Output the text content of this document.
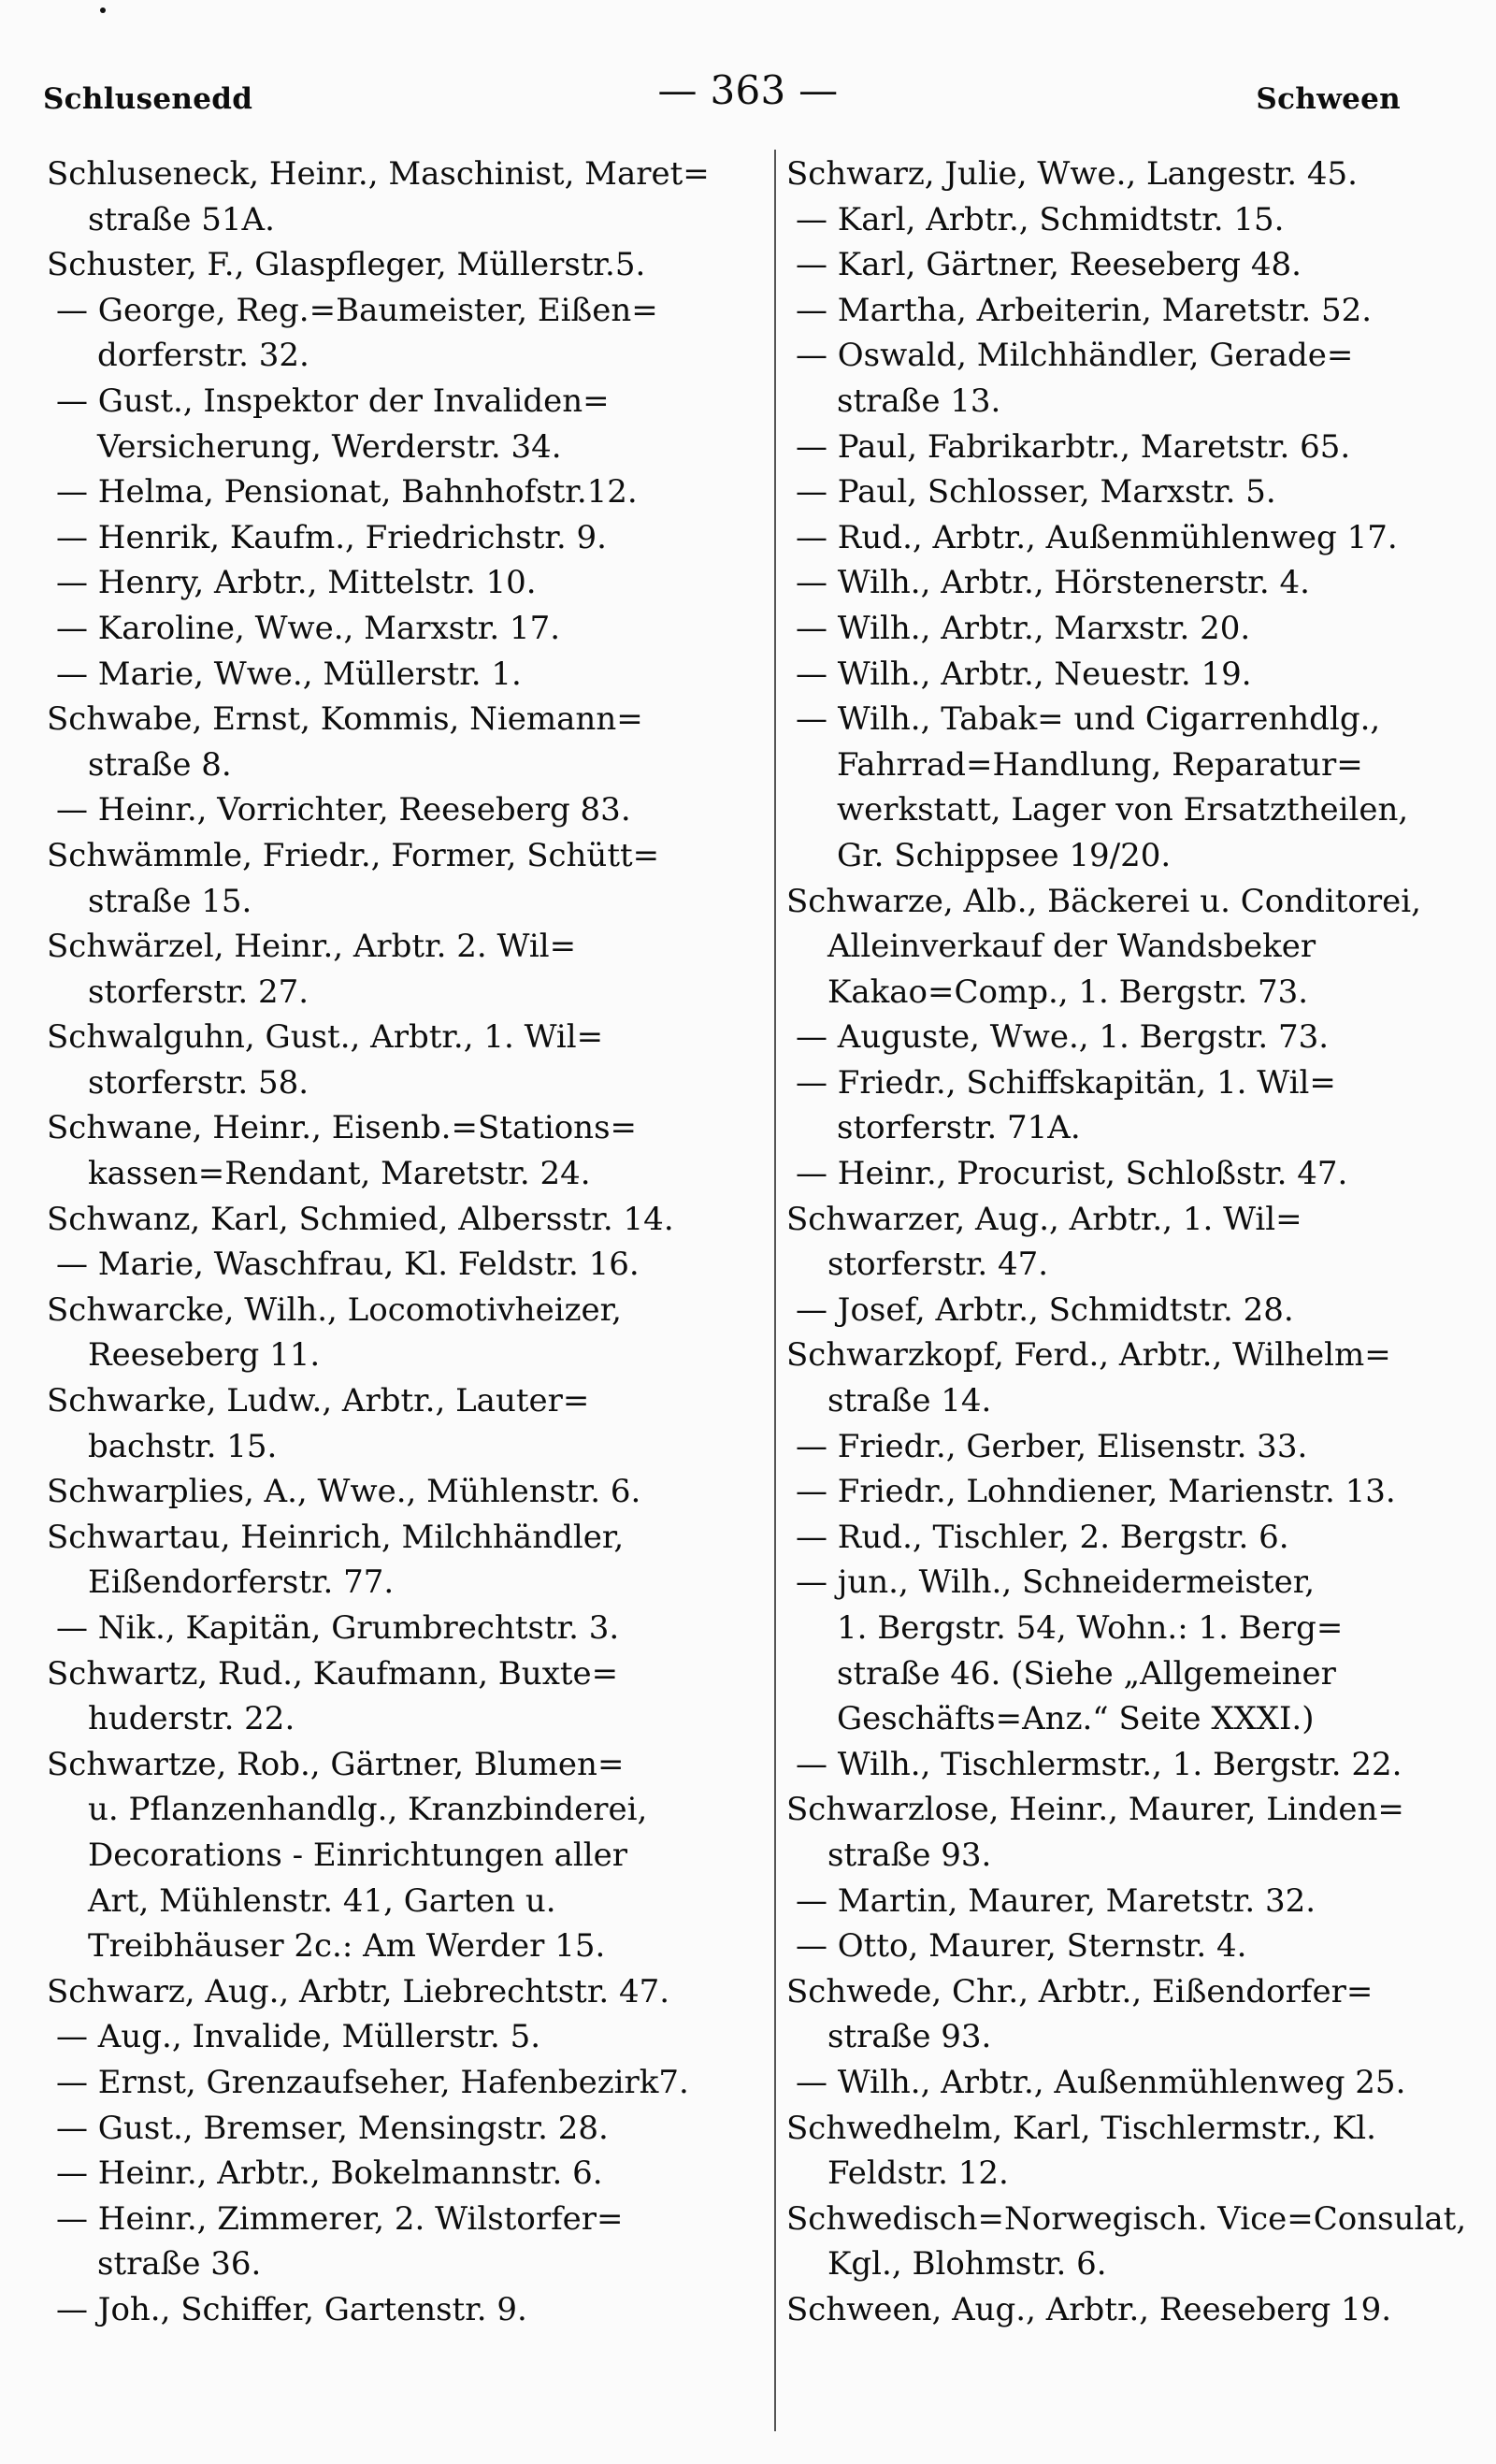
Schlusenedd	— 363 —	Schween
Schluseneck, Heinr., Maschinist, Maret=
straße 51A.
Schuster, F., Glaspfleger, Müllerstr.5.
— George, Reg.=Baumeister, Eißen=
dorferstr. 32.
— Gust., Inspektor der Invaliden=
Versicherung, Werderstr. 34.
— Helma, Pensionat, Bahnhofstr.12.
— Henrik, Kaufm., Friedrichstr. 9.
— Henry, Arbtr., Mittelstr. 10.
— Karoline, Wwe., Marxstr. 17.
— Marie, Wwe., Müllerstr. 1.
Schwabe, Ernst, Kommis, Niemann=
straße 8.
— Heinr., Vorrichter, Reeseberg 83.
Schwämmle, Friedr., Former, Schütt=
straße 15.
Schwärzel, Heinr., Arbtr. 2. Wil=
storferstr. 27.
Schwalguhn, Gust., Arbtr., 1. Wil=
storferstr. 58.
Schwane, Heinr., Eisenb.=Stations=
kassen=Rendant, Maretstr. 24.
Schwanz, Karl, Schmied, Albersstr. 14.
— Marie, Waschfrau, Kl. Feldstr. 16.
Schwarcke, Wilh., Locomotivheizer,
Reeseberg 11.
Schwarke, Ludw., Arbtr., Lauter=
bachstr. 15.
Schwarplies, A., Wwe., Mühlenstr. 6.
Schwartau, Heinrich, Milchhändler,
Eißendorferstr. 77.
— Nik., Kapitän, Grumbrechtstr. 3.
Schwartz, Rud., Kaufmann, Buxte=
huderstr. 22.
Schwartze, Rob., Gärtner, Blumen=
u. Pflanzenhandlg., Kranzbinderei,
Decorations - Einrichtungen aller
Art, Mühlenstr. 41, Garten u.
Treibhäuser 2c.: Am Werder 15.
Schwarz, Aug., Arbtr, Liebrechtstr. 47.
— Aug., Invalide, Müllerstr. 5.
— Ernst, Grenzaufseher, Hafenbezirk7.
— Gust., Bremser, Mensingstr. 28.
— Heinr., Arbtr., Bokelmannstr. 6.
— Heinr., Zimmerer, 2. Wilstorfer=
straße 36.
— Joh., Schiffer, Gartenstr. 9.
Schwarz, Julie, Wwe., Langestr. 45.
— Karl, Arbtr., Schmidtstr. 15.
— Karl, Gärtner, Reeseberg 48.
— Martha, Arbeiterin, Maretstr. 52.
— Oswald, Milchhändler, Gerade=
straße 13.
— Paul, Fabrikarbtr., Maretstr. 65.
— Paul, Schlosser, Marxstr. 5.
— Rud., Arbtr., Außenmühlenweg 17.
— Wilh., Arbtr., Hörstenerstr. 4.
— Wilh., Arbtr., Marxstr. 20.
— Wilh., Arbtr., Neuestr. 19.
— Wilh., Tabak= und Cigarrenhdlg.,
Fahrrad=Handlung, Reparatur=
werkstatt, Lager von Ersatztheilen,
Gr. Schippsee 19/20.
Schwarze, Alb., Bäckerei u. Conditorei,
Alleinverkauf der Wandsbeker
Kakao=Comp., 1. Bergstr. 73.
— Auguste, Wwe., 1. Bergstr. 73.
— Friedr., Schiffskapitän, 1. Wil=
storferstr. 71A.
— Heinr., Procurist, Schloßstr. 47.
Schwarzer, Aug., Arbtr., 1. Wil=
storferstr. 47.
— Josef, Arbtr., Schmidtstr. 28.
Schwarzkopf, Ferd., Arbtr., Wilhelm=
straße 14.
— Friedr., Gerber, Elisenstr. 33.
— Friedr., Lohndiener, Marienstr. 13.
— Rud., Tischler, 2. Bergstr. 6.
— jun., Wilh., Schneidermeister,
1. Bergstr. 54, Wohn.: 1. Berg=
straße 46. (Siehe „Allgemeiner
Geschäfts=Anz.“ Seite XXXI.)
— Wilh., Tischlermstr., 1. Bergstr. 22.
Schwarzlose, Heinr., Maurer, Linden=
straße 93.
— Martin, Maurer, Maretstr. 32.
— Otto, Maurer, Sternstr. 4.
Schwede, Chr., Arbtr., Eißendorfer=
straße 93.
— Wilh., Arbtr., Außenmühlenweg 25.
Schwedhelm, Karl, Tischlermstr., Kl.
Feldstr. 12.
Schwedisch=Norwegisch. Vice=Consulat,
Kgl., Blohmstr. 6.
Schween, Aug., Arbtr., Reeseberg 19.
